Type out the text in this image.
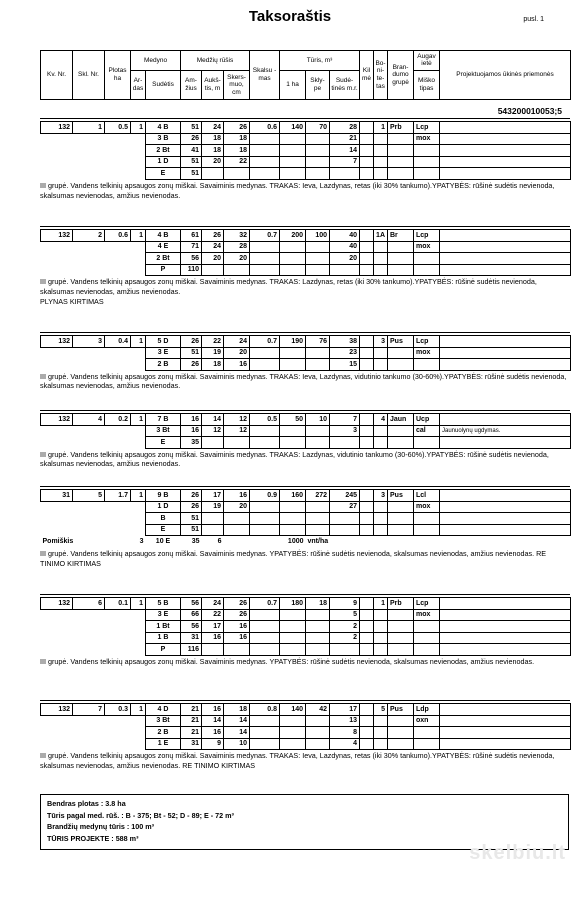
Taksoraštis	pusl. 1
Kv. Nr.	Skl. Nr.	Plotas ha	Medyno		Medžių rūšis			Skalsu -mas	Tūris, m³			Kil mė	Bo-ni-te-tas	Bran-dumo grupė	Augav ietė	Projektuojamos ūkinės priemonės
			Ar-das	Sudėtis	Am-žius	Aukš-tis, m	Skers-muo, cm		1 ha	Skly-pe	Sudė-tinės m.r.				Miško tipas	
543200010053;5
132	1	0.5	1	4 B	51	24	26	0.6	140	70	28		1	Prb	Lcp	
				3 B	26	18	18				21				mox	
				2 Bt	41	18	18				14					
				1 D	51	20	22				7					
				E	51											
III grupė. Vandens telkinių apsaugos zonų miškai. Savaiminis medynas. TRAKAS: Ieva, Lazdynas, retas (iki 30% tankumo).YPATYBĖS: rūšinė sudėtis nevienoda, skalsumas nevienodas, amžius nevienodas.
132	2	0.6	1	4 B	61	26	32	0.7	200	100	40		1A	Br	Lcp	
				4 E	71	24	28				40				mox	
				2 Bt	56	20	20				20					
				P	110											
III grupė. Vandens telkinių apsaugos zonų miškai. Savaiminis medynas. TRAKAS: Lazdynas, retas (iki 30% tankumo).YPATYBĖS: rūšinė sudėtis nevienoda, skalsumas nevienodas, amžius nevienodas.
PLYNAS KIRTIMAS
132	3	0.4	1	5 D	26	22	24	0.7	190	76	38		3	Pus	Lcp	
				3 E	51	19	20				23				mox	
				2 B	26	18	16				15					
III grupė. Vandens telkinių apsaugos zonų miškai. Savaiminis medynas. TRAKAS: Ieva, Lazdynas, vidutinio tankumo (30-60%).YPATYBĖS: rūšinė sudėtis nevienoda, skalsumas nevienodas, amžius nevienodas.
132	4	0.2	1	7 B	16	14	12	0.5	50	10	7		4	Jaun	Ucp	
				3 Bt	16	12	12				3				cal	Jaunuolynų ugdymas.
				E	35											
III grupė. Vandens telkinių apsaugos zonų miškai. Savaiminis medynas. TRAKAS: Lazdynas, vidutinio tankumo (30-60%).YPATYBĖS: rūšinė sudėtis nevienoda, skalsumas nevienodas, amžius nevienodas.
31	5	1.7	1	9 B	26	17	16	0.9	160	272	245		3	Pus	Lcl	
				1 D	26	19	20				27				mox	
				B	51											
				E	51											
Pomiškis			3	10 E	35	6	1000			vnt/ha						
III grupė. Vandens telkinių apsaugos zonų miškai. Savaiminis medynas. YPATYBĖS: rūšinė sudėtis nevienoda, skalsumas nevienodas, amžius nevienodas. RE TINIMO KIRTIMAS
132	6	0.1	1	5 B	56	24	26	0.7	180	18	9		1	Prb	Lcp	
				3 E	66	22	26				5				mox	
				1 Bt	56	17	16				2					
				1 B	31	16	16				2					
				P	116											
III grupė. Vandens telkinių apsaugos zonų miškai. Savaiminis medynas. YPATYBĖS: rūšinė sudėtis nevienoda, skalsumas nevienodas, amžius nevienodas.
132	7	0.3	1	4 D	21	16	18	0.8	140	42	17		5	Pus	Ldp	
				3 Bt	21	14	14				13				oxn	
				2 B	21	16	14				8					
				1 E	31	9	10				4					
III grupė. Vandens telkinių apsaugos zonų miškai. Savaiminis medynas. TRAKAS: Ieva, Lazdynas, retas (iki 30% tankumo).YPATYBĖS: rūšinė sudėtis nevienoda, skalsumas nevienodas, amžius nevienodas. RE TINIMO KIRTIMAS
Bendras plotas : 3.8 ha
Tūris pagal med. rūš. : B - 375; Bt - 52; D - 89; E - 72 m³
Brandžių medynų tūris : 100 m³
TŪRIS PROJEKTE : 588 m³
skelbiu.lt
